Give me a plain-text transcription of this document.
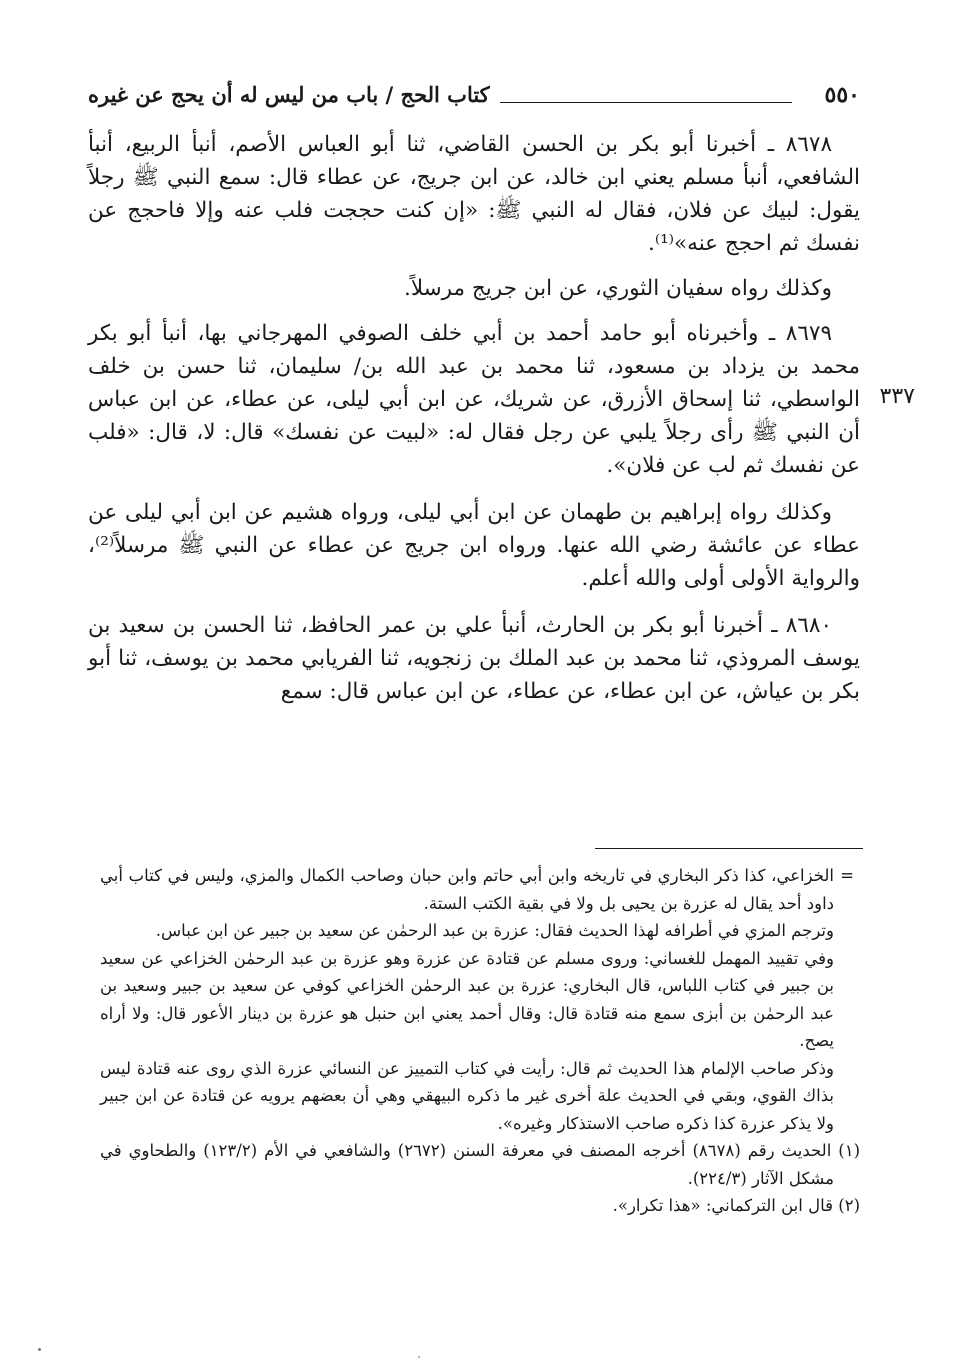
٥٥٠
كتاب الحج / باب من ليس له أن يحج عن غيره
٣٣٧

٨٦٧٨ ـ أخبرنا أبو بكر بن الحسن القاضي، ثنا أبو العباس الأصم، أنبأ الربيع، أنبأ الشافعي، أنبأ مسلم يعني ابن خالد، عن ابن جريج، عن عطاء قال: سمع النبي ﷺ رجلاً يقول: لبيك عن فلان، فقال له النبي ﷺ: «إن كنت حججت فلب عنه وإلا فاحجج عن نفسك ثم احجج عنه»⁽¹⁾.

وكذلك رواه سفيان الثوري، عن ابن جريج مرسلاً.

٨٦٧٩ ـ وأخبرناه أبو حامد أحمد بن أبي خلف الصوفي المهرجاني بها، أنبأ أبو بكر محمد بن يزداد بن مسعود، ثنا محمد بن عبد الله بن/ سليمان، ثنا حسن بن خلف الواسطي، ثنا إسحاق الأزرق، عن شريك، عن ابن أبي ليلى، عن عطاء، عن ابن عباس أن النبي ﷺ رأى رجلاً يلبي عن رجل فقال له: «لبيت عن نفسك» قال: لا، قال: «فلب عن نفسك ثم لب عن فلان».

وكذلك رواه إبراهيم بن طهمان عن ابن أبي ليلى، ورواه هشيم عن ابن أبي ليلى عن عطاء عن عائشة رضي الله عنها. ورواه ابن جريج عن عطاء عن النبي ﷺ مرسلاً⁽²⁾، والرواية الأولى أولى والله أعلم.

٨٦٨٠ ـ أخبرنا أبو بكر بن الحارث، أنبأ علي بن عمر الحافظ، ثنا الحسن بن سعيد بن يوسف المروذي، ثنا محمد بن عبد الملك بن زنجويه، ثنا الفريابي محمد بن يوسف، ثنا أبو بكر بن عياش، عن ابن عطاء، عن عطاء، عن ابن عباس قال: سمع

=
الخزاعي، كذا ذكر البخاري في تاريخه وابن أبي حاتم وابن حبان وصاحب الكمال والمزي، وليس في كتاب أبي داود أحد يقال له عزرة بن يحيى بل ولا في بقية الكتب الستة.

وترجم المزي في أطرافه لهذا الحديث فقال: عزرة بن عبد الرحمٰن عن سعيد بن جبير عن ابن عباس.

وفي تقييد المهمل للغساني: وروى مسلم عن قتادة عن عزرة وهو عزرة بن عبد الرحمٰن الخزاعي عن سعيد بن جبير في كتاب اللباس، قال البخاري: عزرة بن عبد الرحمٰن الخزاعي كوفي عن سعيد بن جبير وسعيد بن عبد الرحمٰن بن أبزى سمع منه قتادة قال: وقال أحمد يعني ابن حنبل هو عزرة بن دينار الأعور قال: ولا أراه يصح.

وذكر صاحب الإلمام هذا الحديث ثم قال: رأيت في كتاب التمييز عن النسائي عزرة الذي روى عنه قتادة ليس بذاك القوي، وبقي في الحديث علة أخرى غير ما ذكره البيهقي وهي أن بعضهم يرويه عن قتادة عن ابن جبير ولا يذكر عزرة كذا ذكره صاحب الاستذكار وغيره».

(١) الحديث رقم (٨٦٧٨) أخرجه المصنف في معرفة السنن (٢٦٧٢) والشافعي في الأم (١٢٣/٢) والطحاوي في مشكل الآثار (٢٢٤/٣).

(٢) قال ابن التركماني: «هذا تكرار».
